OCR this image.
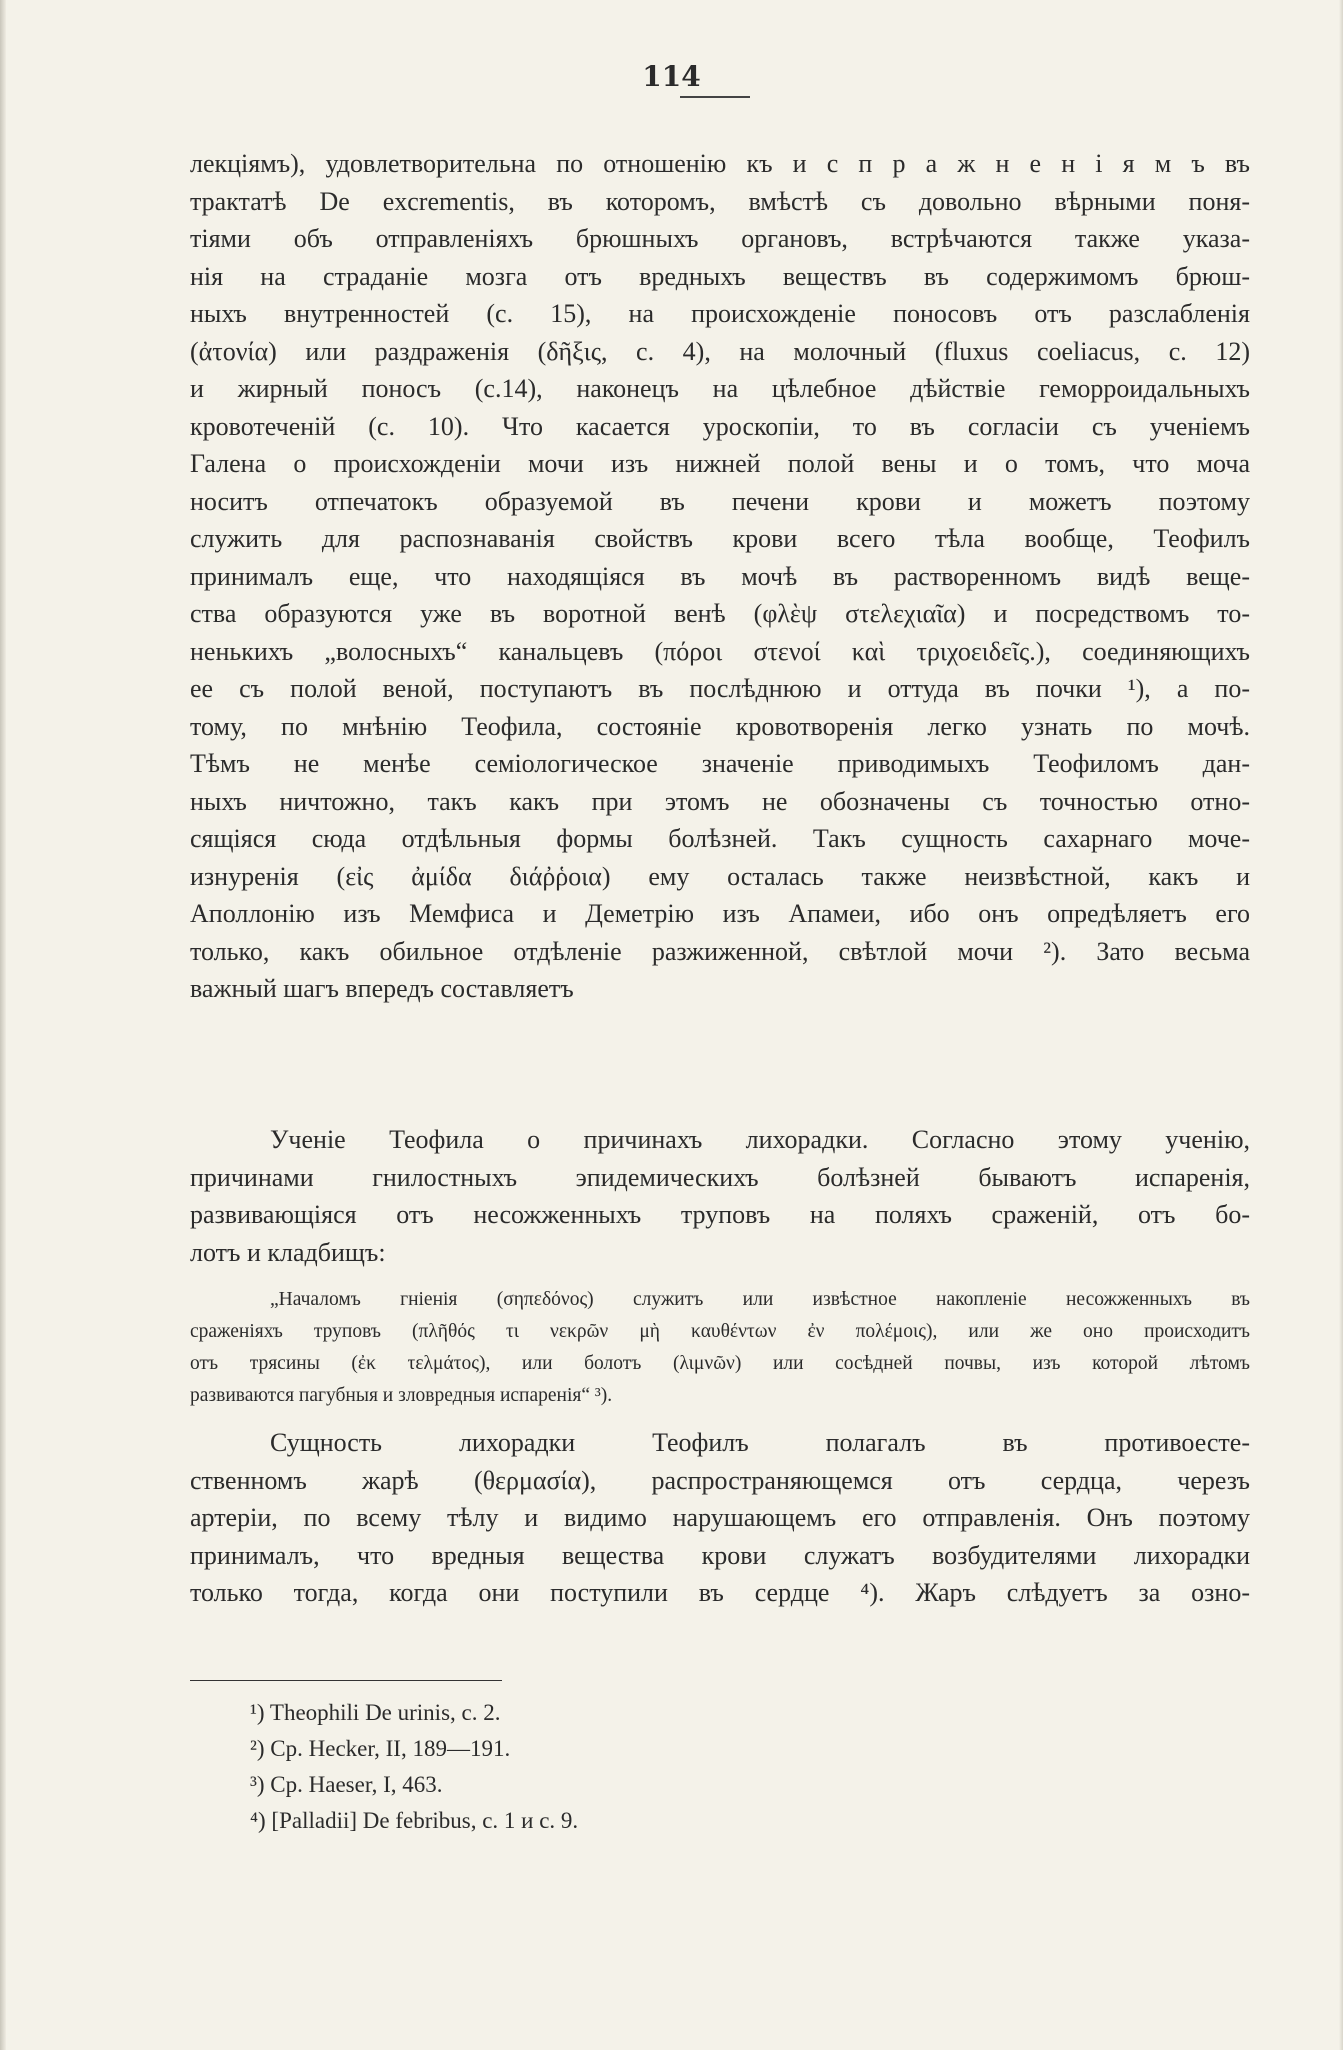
114
лекціямъ), удовлетворительна по отношенію къ и с п р а ж н е н і я м ъ въ
трактатѣ De excrementis, въ которомъ, вмѣстѣ съ довольно вѣрными поня-
тіями объ отправленіяхъ брюшныхъ органовъ, встрѣчаются также указа-
нія на страданіе мозга отъ вредныхъ веществъ въ содержимомъ брюш-
ныхъ внутренностей (с. 15), на происхожденіе поносовъ отъ разслабленія
(ἀτονία) или раздраженія (δῆξις, с. 4), на молочный (fluxus coeliacus, с. 12)
и жирный поносъ (с.14), наконецъ на цѣлебное дѣйствіе геморроидальныхъ
кровотеченій (с. 10). Что касается уроскопіи, то въ согласіи съ ученіемъ
Галена о происхожденіи мочи изъ нижней полой вены и о томъ, что моча
носитъ отпечатокъ образуемой въ печени крови и можетъ поэтому
служить для распознаванія свойствъ крови всего тѣла вообще, Теофилъ
принималъ еще, что находящіяся въ мочѣ въ растворенномъ видѣ веще-
ства образуются уже въ воротной венѣ (φλὲψ στελεχιαῖα) и посредствомъ то-
ненькихъ „волосныхъ“ канальцевъ (πόροι στενοί καὶ τριχοειδεῖς.), соединяющихъ
ее съ полой веной, поступаютъ въ послѣднюю и оттуда въ почки ¹), а по-
тому, по мнѣнію Теофила, состояніе кровотворенія легко узнать по мочѣ.
Тѣмъ не менѣе семіологическое значеніе приводимыхъ Теофиломъ дан-
ныхъ ничтожно, такъ какъ при этомъ не обозначены съ точностью отно-
сящіяся сюда отдѣльныя формы болѣзней. Такъ сущность сахарнаго моче-
изнуренія (εἰς ἀμίδα διάῤῥοια) ему осталась также неизвѣстной, какъ и
Аполлонію изъ Мемфиса и Деметрію изъ Апамеи, ибо онъ опредѣляетъ его
только, какъ обильное отдѣленіе разжиженной, свѣтлой мочи ²). Зато весьма
важный шагъ впередъ составляетъ
Ученіе Теофила о причинахъ лихорадки. Согласно этому ученію,
причинами гнилостныхъ эпидемическихъ болѣзней бываютъ испаренія,
развивающіяся отъ несожженныхъ труповъ на поляхъ сраженій, отъ бо-
лотъ и кладбищъ:
„Началомъ гніенія (σηπεδόνος) служитъ или извѣстное накопленіе несожженныхъ въ
сраженіяхъ труповъ (πλῆθός τι νεκρῶν μὴ καυθέντων ἐν πολέμοις), или же оно происходитъ
отъ трясины (ἐκ τελμάτος), или болотъ (λιμνῶν) или сосѣдней почвы, изъ которой лѣтомъ
развиваются пагубныя и зловредныя испаренія“ ³).
Сущность лихорадки Теофилъ полагалъ въ противоесте-
ственномъ жарѣ (θερμασία), распространяющемся отъ сердца, черезъ
артеріи, по всему тѣлу и видимо нарушающемъ его отправленія. Онъ поэтому
принималъ, что вредныя вещества крови служатъ возбудителями лихорадки
только тогда, когда они поступили въ сердце ⁴). Жаръ слѣдуетъ за озно-
¹) Theophili De urinis, с. 2.
²) Ср. Hecker, II, 189—191.
³) Ср. Haeser, I, 463.
⁴) [Palladii] De febribus, с. 1 и с. 9.
